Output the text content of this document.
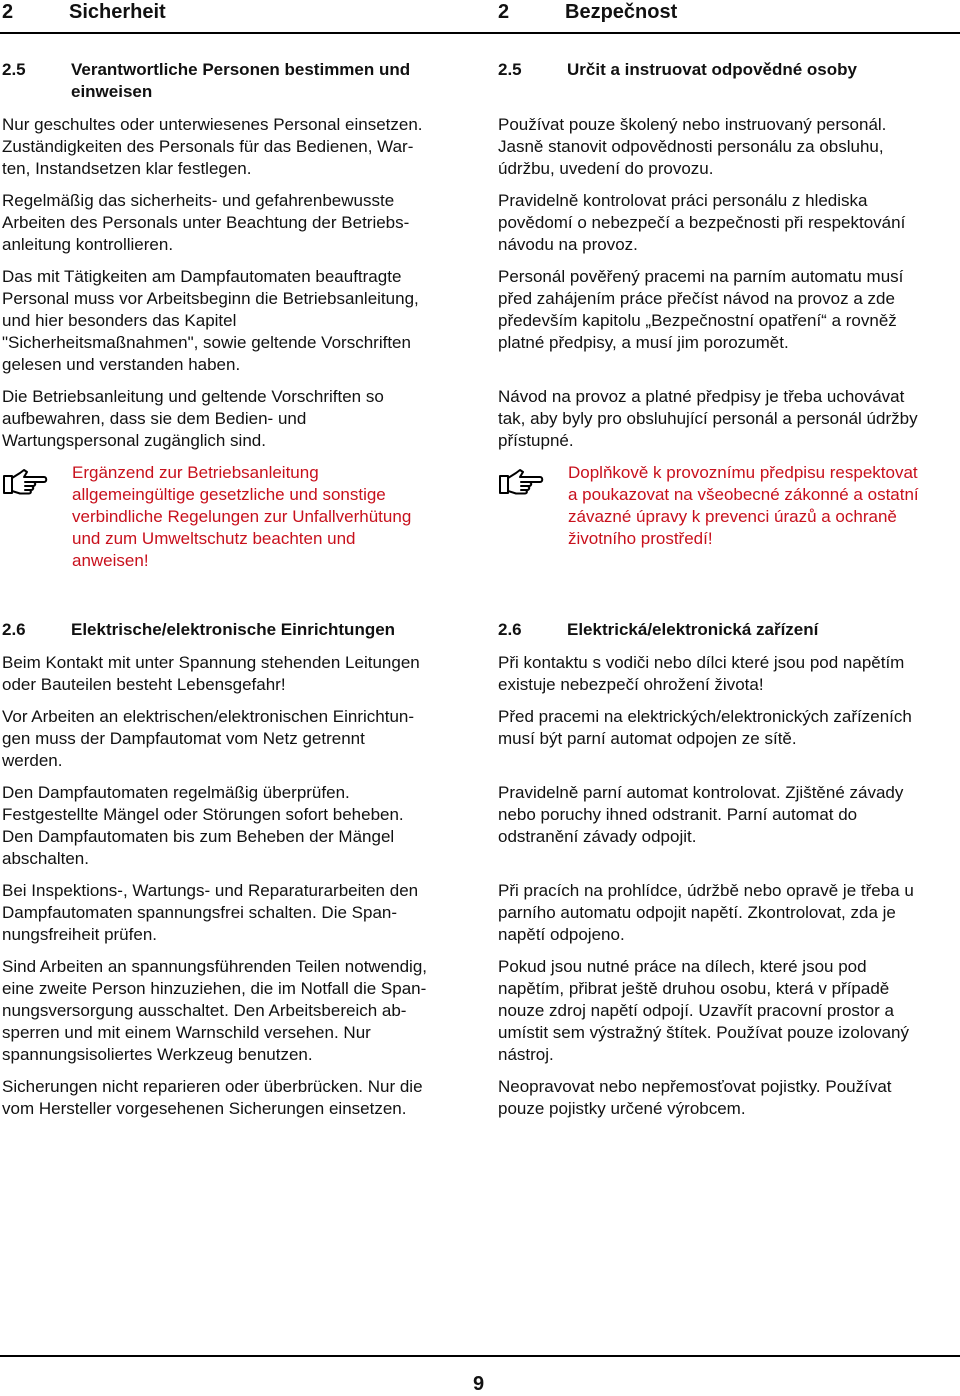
2	Sicherheit	2	Bezpečnost
2.5	Verantwortliche Personen bestimmen und
einweisen

Nur geschultes oder unterwiesenes Personal einsetzen.
Zuständigkeiten des Personals für das Bedienen, War-
ten, Instandsetzen klar festlegen.

Regelmäßig das sicherheits- und gefahrenbewusste
Arbeiten des Personals unter Beachtung der Betriebs-
anleitung kontrollieren.

Das mit Tätigkeiten am Dampfautomaten beauftragte
Personal muss vor Arbeitsbeginn die Betriebsanleitung,
und hier besonders das Kapitel
"Sicherheitsmaßnahmen", sowie geltende Vorschriften
gelesen und verstanden haben.

Die Betriebsanleitung und geltende Vorschriften so
aufbewahren, dass sie dem Bedien- und
Wartungspersonal zugänglich sind.

Ergänzend zur Betriebsanleitung
allgemeingültige gesetzliche und sonstige
verbindliche Regelungen zur Unfallverhütung
und zum Umweltschutz beachten und
anweisen!

2.5	Určit a instruovat odpovědné osoby

Používat pouze školený nebo instruovaný personál.
Jasně stanovit odpovědnosti personálu za obsluhu,
údržbu, uvedení do provozu.

Pravidelně kontrolovat práci personálu z hlediska
povědomí o nebezpečí a bezpečnosti při respektování
návodu na provoz.

Personál pověřený pracemi na parním automatu musí
před zahájením práce přečíst návod na provoz a zde
především kapitolu „Bezpečnostní opatření“ a rovněž
platné předpisy, a musí jim porozumět.

Návod na provoz a platné předpisy je třeba uchovávat
tak, aby byly pro obsluhující personál a personál údržby
přístupné.

Doplňkově k provoznímu předpisu respektovat
a poukazovat na všeobecné zákonné a ostatní
závazné úpravy k prevenci úrazů a ochraně
životního prostředí!

2.6	Elektrische/elektronische Einrichtungen

Beim Kontakt mit unter Spannung stehenden Leitungen
oder Bauteilen besteht Lebensgefahr!

Vor Arbeiten an elektrischen/elektronischen Einrichtun-
gen muss der Dampfautomat vom Netz getrennt
werden.

Den Dampfautomaten regelmäßig überprüfen.
Festgestellte Mängel oder Störungen sofort beheben.
Den Dampfautomaten bis zum Beheben der Mängel
abschalten.

Bei Inspektions-, Wartungs- und Reparaturarbeiten den
Dampfautomaten spannungsfrei schalten. Die Span-
nungsfreiheit prüfen.

Sind Arbeiten an spannungsführenden Teilen notwendig,
eine zweite Person hinzuziehen, die im Notfall die Span-
nungsversorgung ausschaltet. Den Arbeitsbereich ab-
sperren und mit einem Warnschild versehen. Nur
spannungsisoliertes Werkzeug benutzen.

Sicherungen nicht reparieren oder überbrücken. Nur die
vom Hersteller vorgesehenen Sicherungen einsetzen.

2.6	Elektrická/elektronická zařízení

Při kontaktu s vodiči nebo dílci které jsou pod napětím
existuje nebezpečí ohrožení života!

Před pracemi na elektrických/elektronických zařízeních
musí být parní automat odpojen ze sítě.

Pravidelně parní automat kontrolovat. Zjištěné závady
nebo poruchy ihned odstranit. Parní automat do
odstranění závady odpojit.

Při pracích na prohlídce, údržbě nebo opravě je třeba u
parního automatu odpojit napětí. Zkontrolovat, zda je
napětí odpojeno.

Pokud jsou nutné práce na dílech, které jsou pod
napětím, přibrat ještě druhou osobu, která v případě
nouze zdroj napětí odpojí. Uzavřít pracovní prostor a
umístit sem výstražný štítek. Používat pouze izolovaný
nástroj.

Neopravovat nebo nepřemosťovat pojistky. Používat
pouze pojistky určené výrobcem.

9
